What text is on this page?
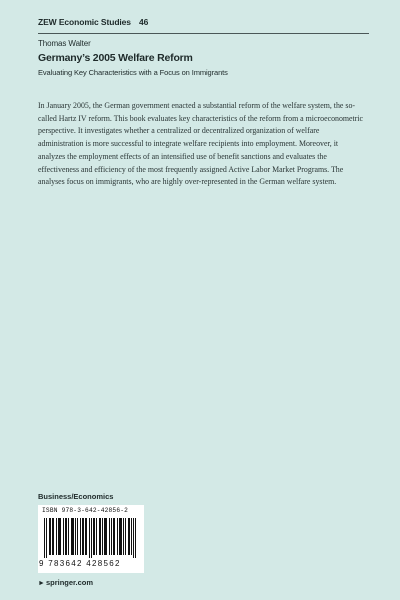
ZEW Economic Studies 46
Thomas Walter
Germany’s 2005 Welfare Reform
Evaluating Key Characteristics with a Focus on Immigrants

In January 2005, the German government enacted a substantial reform of the welfare system, the so-called Hartz IV reform. This book evaluates key characteristics of the reform from a microeconometric perspective. It investigates whether a centralized or decentralized organization of welfare administration is more successful to integrate welfare recipients into employment. Moreover, it analyzes the employment effects of an intensified use of benefit sanctions and evaluates the effectiveness and efficiency of the most frequently assigned Active Labor Market Programs. The analyses focus on immigrants, who are highly over-represented in the German welfare system.

Business/Economics
ISBN 978-3-642-42856-2
9 783642 428562
►springer.com
